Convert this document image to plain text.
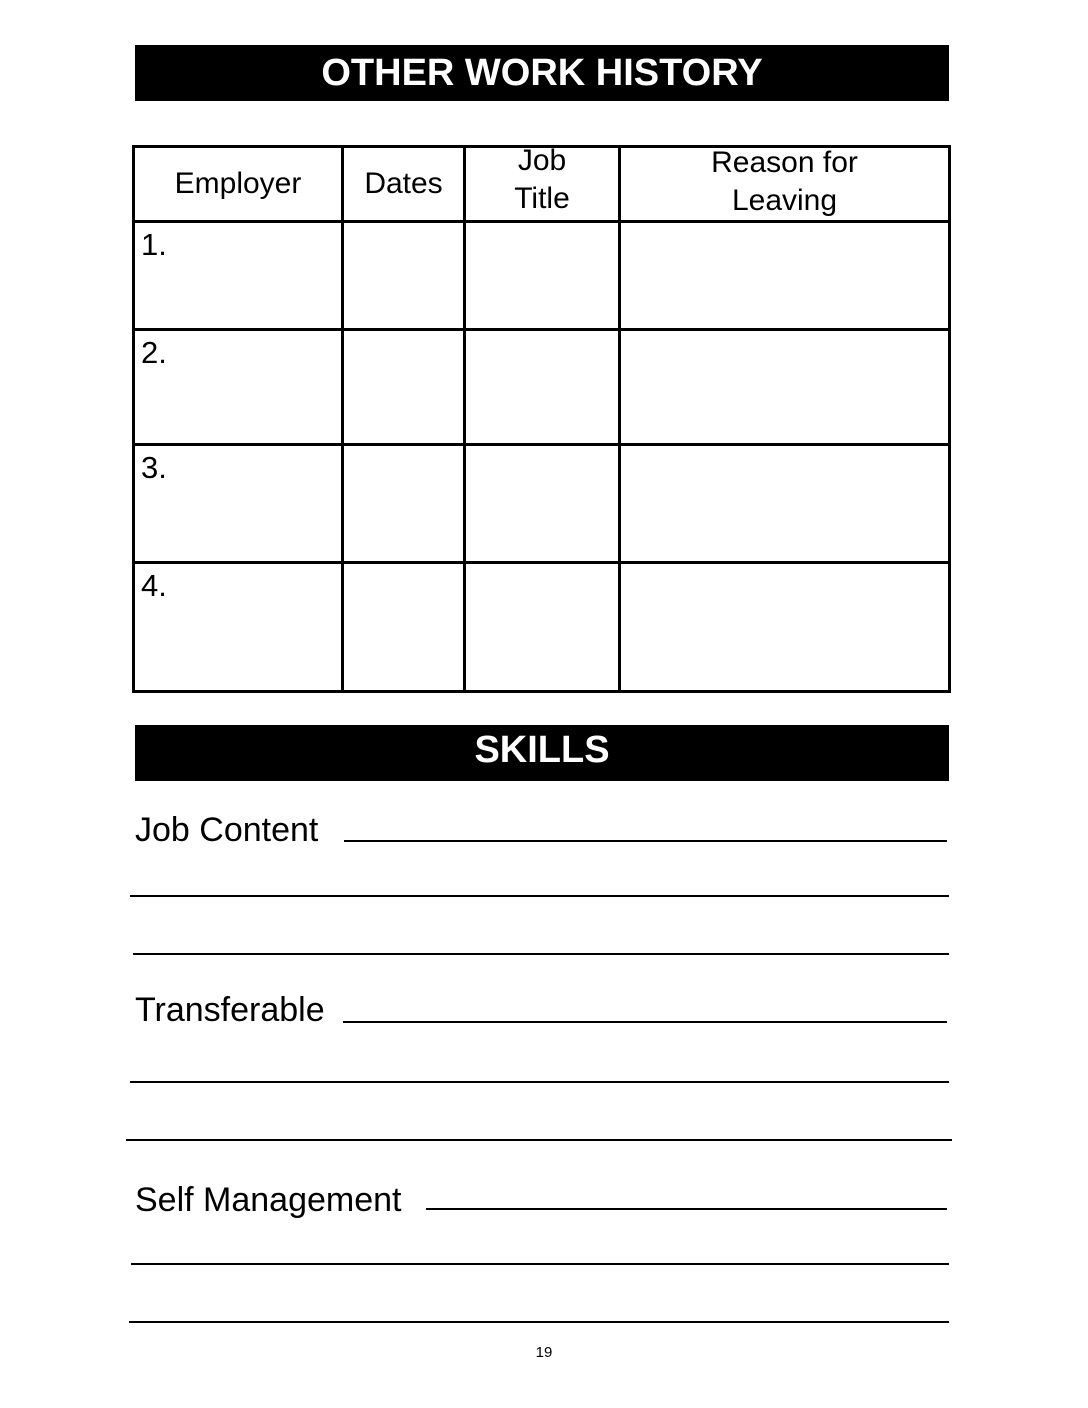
OTHER WORK HISTORY
Employer	Dates	Job Title	Reason for Leaving

1.			

2.			

3.			

4.			

SKILLS
Job Content
Transferable
Self Management
19
